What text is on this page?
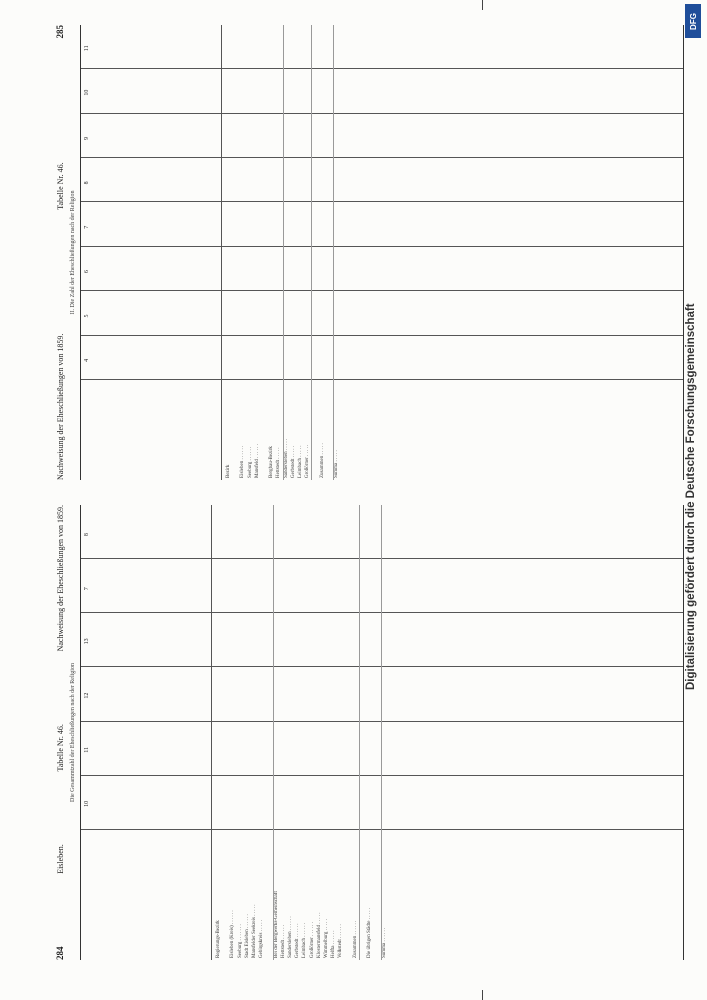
284
Eisleben.
Tabelle Nr. 46.
Nachweisung der Eheschließungen von 1859.
Die Gesammtzahl der Eheschließungen nach der Religion
10
11
12
13
7
8
Regierungs-Bezirk
Eisleben (Kreis) . . . . . . Seeburg . . . . . . . Stadt Eisleben . . . . . . Mansfelder Seekreis . . . . . Gebirgskreis . . . . .
Bei der Bergwerks-Gemeinschaft Hettstedt . . . . . . Sandersleben . . . . . . Gerbstedt . . . . . . Leimbach . . . . . . Großörner . . . . . . Klostermansfeld . . . . . Wimmelburg . . . . . Helfta . . . . . . Volkstedt . . . . . .
Zusammen . . . . . .
Die übrigen Städte . . . . .
Summa . . . . . .
Nachweisung der Eheschließungen von 1859.
Tabelle Nr. 46.
285
II. Die Zahl der Eheschließungen nach der Religion
4
5
6
7
8
9
10
11
Bezirk
Eisleben . . . . . . Seeburg . . . . . . Mansfeld . . . . . .
Bergbau-Bezirk Hettstedt . . . . . Sandersleben . . . . . Gerbstedt . . . . . Leimbach . . . . . Großörner . . . . .
Zusammen . . . . .
Summa . . . . .
DFG
Digitalisierung gefördert durch die Deutsche Forschungsgemeinschaft
